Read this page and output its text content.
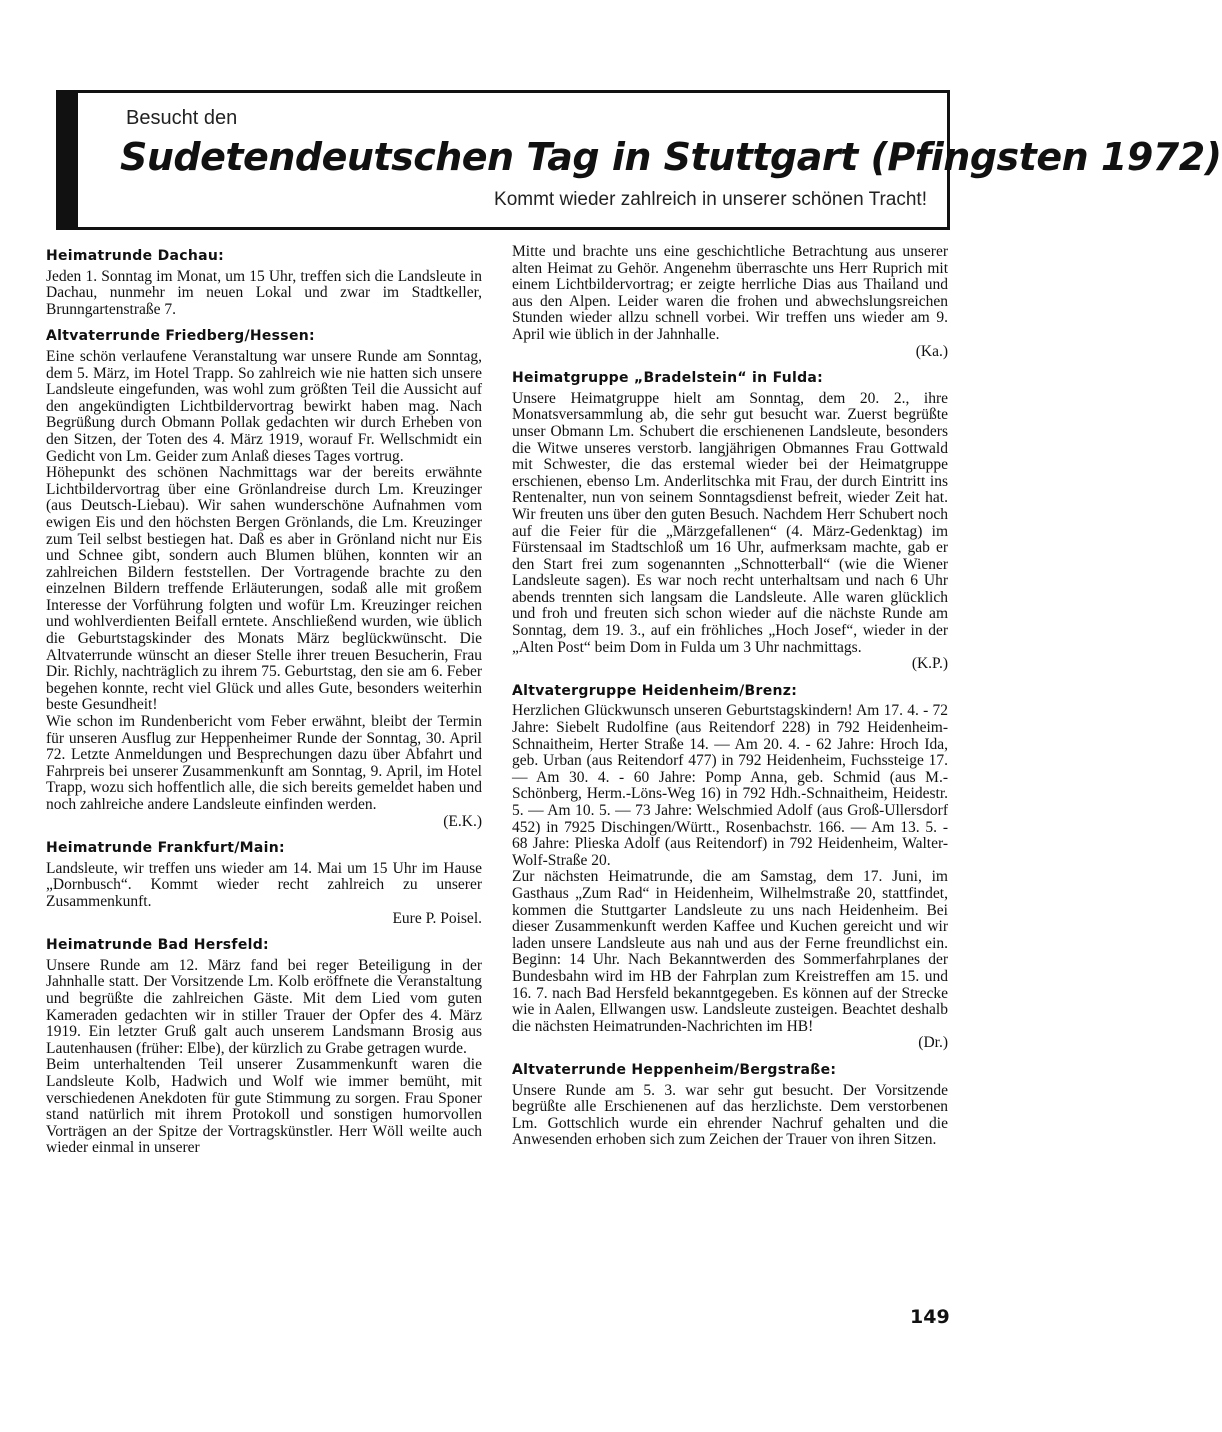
Besucht den
Sudetendeutschen Tag in Stuttgart (Pfingsten 1972)
Kommt wieder zahlreich in unserer schönen Tracht!
Heimatrunde Dachau:

Jeden 1. Sonntag im Monat, um 15 Uhr, treffen sich die Landsleute in Dachau, nunmehr im neuen Lokal und zwar im Stadtkeller, Brunngartenstraße 7.

Altvaterrunde Friedberg/Hessen:

Eine schön verlaufene Veranstaltung war unsere Runde am Sonntag, dem 5. März, im Hotel Trapp. So zahlreich wie nie hatten sich unsere Landsleute eingefunden, was wohl zum größten Teil die Aussicht auf den angekündigten Lichtbildervortrag bewirkt haben mag. Nach Begrüßung durch Obmann Pollak gedachten wir durch Erheben von den Sitzen, der Toten des 4. März 1919, worauf Fr. Wellschmidt ein Gedicht von Lm. Geider zum Anlaß dieses Tages vortrug.

Höhepunkt des schönen Nachmittags war der bereits erwähnte Lichtbildervortrag über eine Grönlandreise durch Lm. Kreuzinger (aus Deutsch-Liebau). Wir sahen wunderschöne Aufnahmen vom ewigen Eis und den höchsten Bergen Grönlands, die Lm. Kreuzinger zum Teil selbst bestiegen hat. Daß es aber in Grönland nicht nur Eis und Schnee gibt, sondern auch Blumen blühen, konnten wir an zahlreichen Bildern feststellen. Der Vortragende brachte zu den einzelnen Bildern treffende Erläuterungen, sodaß alle mit großem Interesse der Vorführung folgten und wofür Lm. Kreuzinger reichen und wohlverdienten Beifall erntete. Anschließend wurden, wie üblich die Geburtstagskinder des Monats März beglückwünscht. Die Altvaterrunde wünscht an dieser Stelle ihrer treuen Besucherin, Frau Dir. Richly, nachträglich zu ihrem 75. Geburtstag, den sie am 6. Feber begehen konnte, recht viel Glück und alles Gute, besonders weiterhin beste Gesundheit!

Wie schon im Rundenbericht vom Feber erwähnt, bleibt der Termin für unseren Ausflug zur Heppenheimer Runde der Sonntag, 30. April 72. Letzte Anmeldungen und Besprechungen dazu über Abfahrt und Fahrpreis bei unserer Zusammenkunft am Sonntag, 9. April, im Hotel Trapp, wozu sich hoffentlich alle, die sich bereits gemeldet haben und noch zahlreiche andere Landsleute einfinden werden.

(E.K.)

Heimatrunde Frankfurt/Main:

Landsleute, wir treffen uns wieder am 14. Mai um 15 Uhr im Hause „Dornbusch“. Kommt wieder recht zahlreich zu unserer Zusammenkunft.

Eure P. Poisel.

Heimatrunde Bad Hersfeld:

Unsere Runde am 12. März fand bei reger Beteiligung in der Jahnhalle statt. Der Vorsitzende Lm. Kolb eröffnete die Veranstaltung und begrüßte die zahlreichen Gäste. Mit dem Lied vom guten Kameraden gedachten wir in stiller Trauer der Opfer des 4. März 1919. Ein letzter Gruß galt auch unserem Landsmann Brosig aus Lautenhausen (früher: Elbe), der kürzlich zu Grabe getragen wurde.

Beim unterhaltenden Teil unserer Zusammenkunft waren die Landsleute Kolb, Hadwich und Wolf wie immer bemüht, mit verschiedenen Anekdoten für gute Stimmung zu sorgen. Frau Sponer stand natürlich mit ihrem Protokoll und sonstigen humorvollen Vorträgen an der Spitze der Vortragskünstler. Herr Wöll weilte auch wieder einmal in unserer

Mitte und brachte uns eine geschichtliche Betrachtung aus unserer alten Heimat zu Gehör. Angenehm überraschte uns Herr Ruprich mit einem Lichtbildervortrag; er zeigte herrliche Dias aus Thailand und aus den Alpen. Leider waren die frohen und abwechslungsreichen Stunden wieder allzu schnell vorbei. Wir treffen uns wieder am 9. April wie üblich in der Jahnhalle.

(Ka.)

Heimatgruppe „Bradelstein“ in Fulda:

Unsere Heimatgruppe hielt am Sonntag, dem 20. 2., ihre Monatsversammlung ab, die sehr gut besucht war. Zuerst begrüßte unser Obmann Lm. Schubert die erschienenen Landsleute, besonders die Witwe unseres verstorb. langjährigen Obmannes Frau Gottwald mit Schwester, die das erstemal wieder bei der Heimatgruppe erschienen, ebenso Lm. Anderlitschka mit Frau, der durch Eintritt ins Rentenalter, nun von seinem Sonntagsdienst befreit, wieder Zeit hat. Wir freuten uns über den guten Besuch. Nachdem Herr Schubert noch auf die Feier für die „Märzgefallenen“ (4. März-Gedenktag) im Fürstensaal im Stadtschloß um 16 Uhr, aufmerksam machte, gab er den Start frei zum sogenannten „Schnotterball“ (wie die Wiener Landsleute sagen). Es war noch recht unterhaltsam und nach 6 Uhr abends trennten sich langsam die Landsleute. Alle waren glücklich und froh und freuten sich schon wieder auf die nächste Runde am Sonntag, dem 19. 3., auf ein fröhliches „Hoch Josef“, wieder in der „Alten Post“ beim Dom in Fulda um 3 Uhr nachmittags.

(K.P.)

Altvatergruppe Heidenheim/Brenz:

Herzlichen Glückwunsch unseren Geburtstagskindern! Am 17. 4. - 72 Jahre: Siebelt Rudolfine (aus Reitendorf 228) in 792 Heidenheim-Schnaitheim, Herter Straße 14. — Am 20. 4. - 62 Jahre: Hroch Ida, geb. Urban (aus Reitendorf 477) in 792 Heidenheim, Fuchssteige 17. — Am 30. 4. - 60 Jahre: Pomp Anna, geb. Schmid (aus M.-Schönberg, Herm.-Löns-Weg 16) in 792 Hdh.-Schnaitheim, Heidestr. 5. — Am 10. 5. — 73 Jahre: Welschmied Adolf (aus Groß-Ullersdorf 452) in 7925 Dischingen/Württ., Rosenbachstr. 166. — Am 13. 5. - 68 Jahre: Plieska Adolf (aus Reitendorf) in 792 Heidenheim, Walter-Wolf-Straße 20.

Zur nächsten Heimatrunde, die am Samstag, dem 17. Juni, im Gasthaus „Zum Rad“ in Heidenheim, Wilhelmstraße 20, stattfindet, kommen die Stuttgarter Landsleute zu uns nach Heidenheim. Bei dieser Zusammenkunft werden Kaffee und Kuchen gereicht und wir laden unsere Landsleute aus nah und aus der Ferne freundlichst ein. Beginn: 14 Uhr. Nach Bekanntwerden des Sommerfahrplanes der Bundesbahn wird im HB der Fahrplan zum Kreistreffen am 15. und 16. 7. nach Bad Hersfeld bekanntgegeben. Es können auf der Strecke wie in Aalen, Ellwangen usw. Landsleute zusteigen. Beachtet deshalb die nächsten Heimatrunden-Nachrichten im HB!

(Dr.)

Altvaterrunde Heppenheim/Bergstraße:

Unsere Runde am 5. 3. war sehr gut besucht. Der Vorsitzende begrüßte alle Erschienenen auf das herzlichste. Dem verstorbenen Lm. Gottschlich wurde ein ehrender Nachruf gehalten und die Anwesenden erhoben sich zum Zeichen der Trauer von ihren Sitzen.

149
